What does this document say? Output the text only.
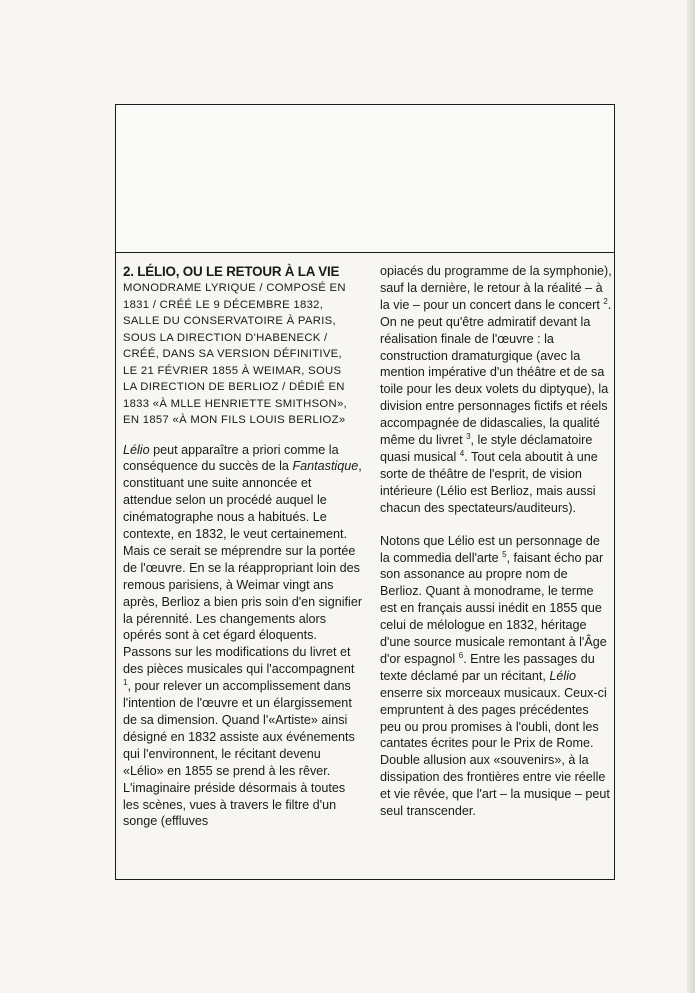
2. LÉLIO, OU LE RETOUR À LA VIE
MONODRAME LYRIQUE / COMPOSÉ EN
1831 / CRÉÉ LE 9 DÉCEMBRE 1832,
SALLE DU CONSERVATOIRE À PARIS,
SOUS LA DIRECTION D'HABENECK /
CRÉÉ, DANS SA VERSION DÉFINITIVE,
LE 21 FÉVRIER 1855 À WEIMAR, SOUS
LA DIRECTION DE BERLIOZ / DÉDIÉ EN
1833 «À MLLE HENRIETTE SMITHSON»,
EN 1857 «À MON FILS LOUIS BERLIOZ»

Lélio peut apparaître a priori comme la conséquence du succès de la Fantastique, constituant une suite annoncée et attendue selon un procédé auquel le cinématographe nous a habitués. Le contexte, en 1832, le veut certainement. Mais ce serait se méprendre sur la portée de l'œuvre. En se la réappropriant loin des remous parisiens, à Weimar vingt ans après, Berlioz a bien pris soin d'en signifier la pérennité. Les changements alors opérés sont à cet égard éloquents. Passons sur les modifications du livret et des pièces musicales qui l'accompagnent $^1$, pour relever un accomplissement dans l'intention de l'œuvre et un élargissement de sa dimension. Quand l'«Artiste» ainsi désigné en 1832 assiste aux événements qui l'environnent, le récitant devenu «Lélio» en 1855 se prend à les rêver. L'imaginaire préside désormais à toutes les scènes, vues à travers le filtre d'un songe (effluves

opiacés du programme de la symphonie), sauf la dernière, le retour à la réalité – à la vie – pour un concert dans le concert $^2$. On ne peut qu'être admiratif devant la réalisation finale de l'œuvre : la construction dramaturgique (avec la mention impérative d'un théâtre et de sa toile pour les deux volets du diptyque), la division entre personnages fictifs et réels accompagnée de didascalies, la qualité même du livret $^3$, le style déclamatoire quasi musical $^4$. Tout cela aboutit à une sorte de théâtre de l'esprit, de vision intérieure (Lélio est Berlioz, mais aussi chacun des spectateurs/auditeurs).

Notons que Lélio est un personnage de la commedia dell'arte $^5$, faisant écho par son assonance au propre nom de Berlioz. Quant à monodrame, le terme est en français aussi inédit en 1855 que celui de mélologue en 1832, héritage d'une source musicale remontant à l'Âge d'or espagnol $^6$. Entre les passages du texte déclamé par un récitant, Lélio enserre six morceaux musicaux. Ceux-ci empruntent à des pages précédentes peu ou prou promises à l'oubli, dont les cantates écrites pour le Prix de Rome. Double allusion aux «souvenirs», à la dissipation des frontières entre vie réelle et vie rêvée, que l'art – la musique – peut seul transcender.
